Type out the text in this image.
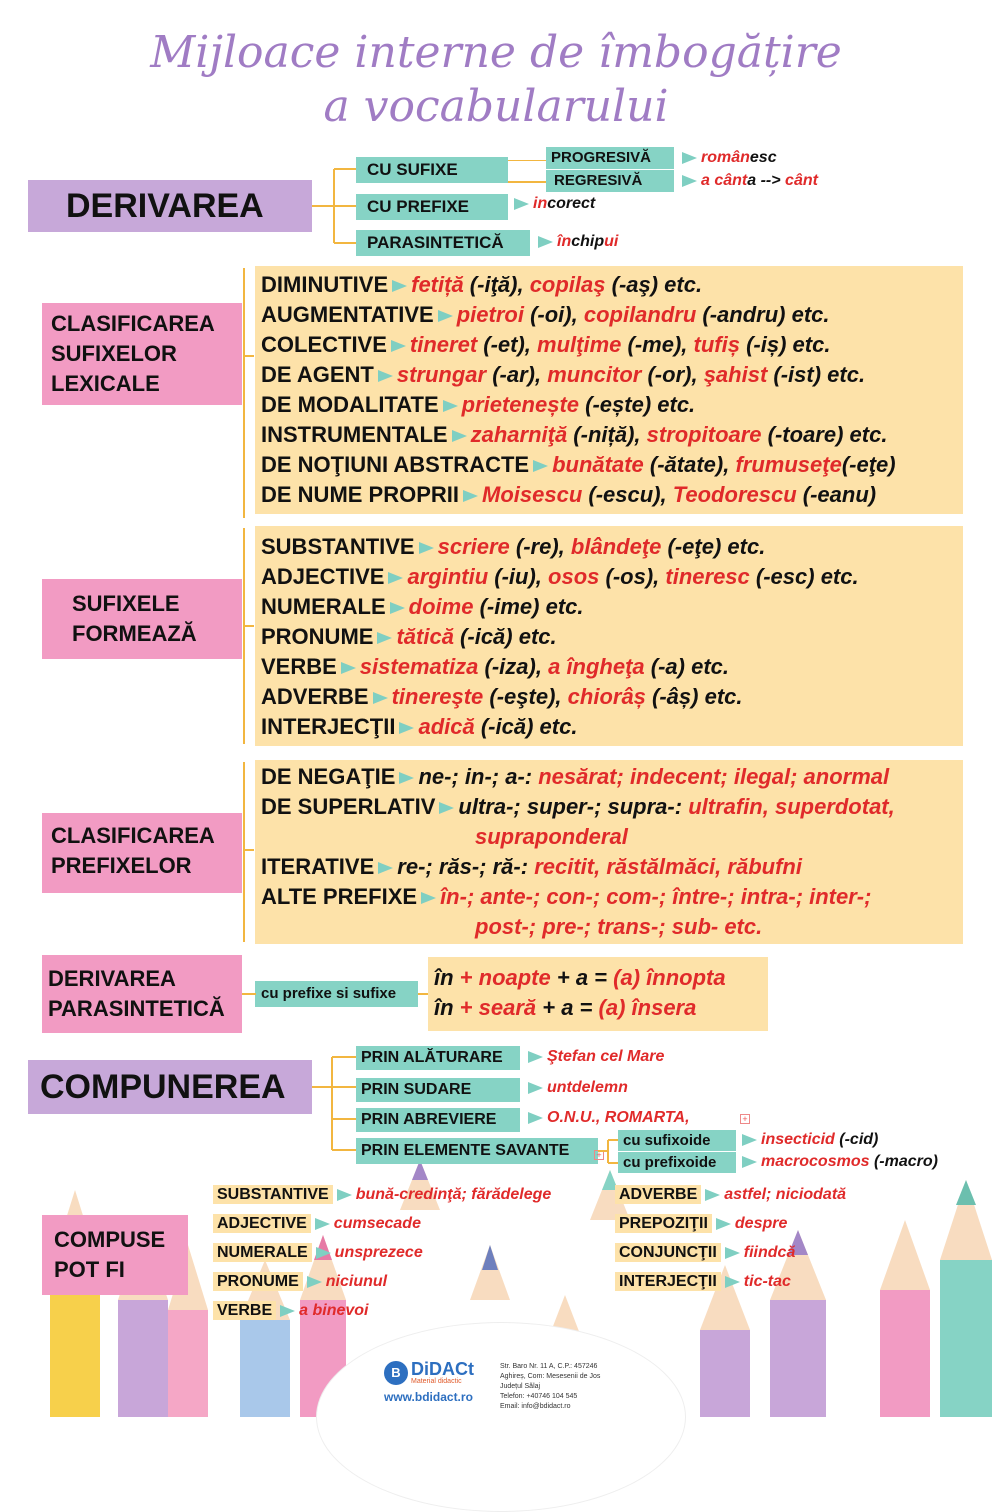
Mijloace interne de îmbogățire
a vocabularului
DERIVAREA
CU SUFIXE
PROGRESIVĂ
REGRESIVĂ
românesc
a cânta --> cânt
CU PREFIXE	incorect
PARASINTETICĂ	închipui
CLASIFICAREA
SUFIXELOR
LEXICALE
DIMINUTIVE fetiță (-iţă), copilaş (-aş) etc.
AUGMENTATIVE pietroi (-oi), copilandru (-andru) etc.
COLECTIVE tineret (-et), mulţime (-me), tufiș (-iș) etc.
DE AGENT strungar (-ar), muncitor (-or), şahist (-ist) etc.
DE MODALITATE prietenește (-ește) etc.
INSTRUMENTALE zaharniţă (-niță), stropitoare (-toare) etc.
DE NOŢIUNI ABSTRACTE bunătate (-ătate), frumuseţe(-eţe)
DE NUME PROPRII Moisescu (-escu), Teodorescu (-eanu)
SUFIXELE
FORMEAZĂ
SUBSTANTIVE scriere (-re), blândeţe (-eţe) etc.
ADJECTIVE argintiu (-iu), osos (-os), tineresc (-esc) etc.
NUMERALE doime (-ime) etc.
PRONUME tătică (-ică) etc.
VERBE sistematiza (-iza), a îngheţa (-a) etc.
ADVERBE tinereşte (-eşte), chiorâș (-âș) etc.
INTERJECŢII adică (-ică) etc.
CLASIFICAREA
PREFIXELOR
DE NEGAŢIE ne-; in-; a-: nesărat; indecent; ilegal; anormal
DE SUPERLATIV ultra-; super-; supra-: ultrafin, superdotat,
supraponderal
ITERATIVE re-; răs-; ră-: recitit, răstălmăci, răbufni
ALTE PREFIXE în-; ante-; con-; com-; între-; intra-; inter-;
post-; pre-; trans-; sub- etc.
DERIVAREA
PARASINTETICĂ
cu prefixe si sufixe
în + noapte + a = (a) înnopta
în + seară + a = (a) însera
COMPUNEREA
PRIN ALĂTURARE	Ştefan cel Mare
PRIN SUDARE	untdelemn
PRIN ABREVIERE	O.N.U., ROMARTA,	+
PRIN ELEMENTE SAVANTE	+
cu sufixoide	insecticid (-cid)
cu prefixoide	macrocosmos (-macro)
COMPUSE
POT FI
SUBSTANTIVE bună-credinţă; fărădelege
ADJECTIVE cumsecade
NUMERALE unsprezece
PRONUME niciunul
VERBE a binevoi
ADVERBE astfel; niciodată
PREPOZIŢII despre
CONJUNCŢII fiindcă
INTERJECŢII tic-tac
B DiDACt
Material didactic
www.bdidact.ro
Str. Baro Nr. 11 A, C.P.: 457246
Aghireș, Com: Mesesenii de Jos
Județul Sălaj
Telefon: +40746 104 545
Email: info@bdidact.ro
